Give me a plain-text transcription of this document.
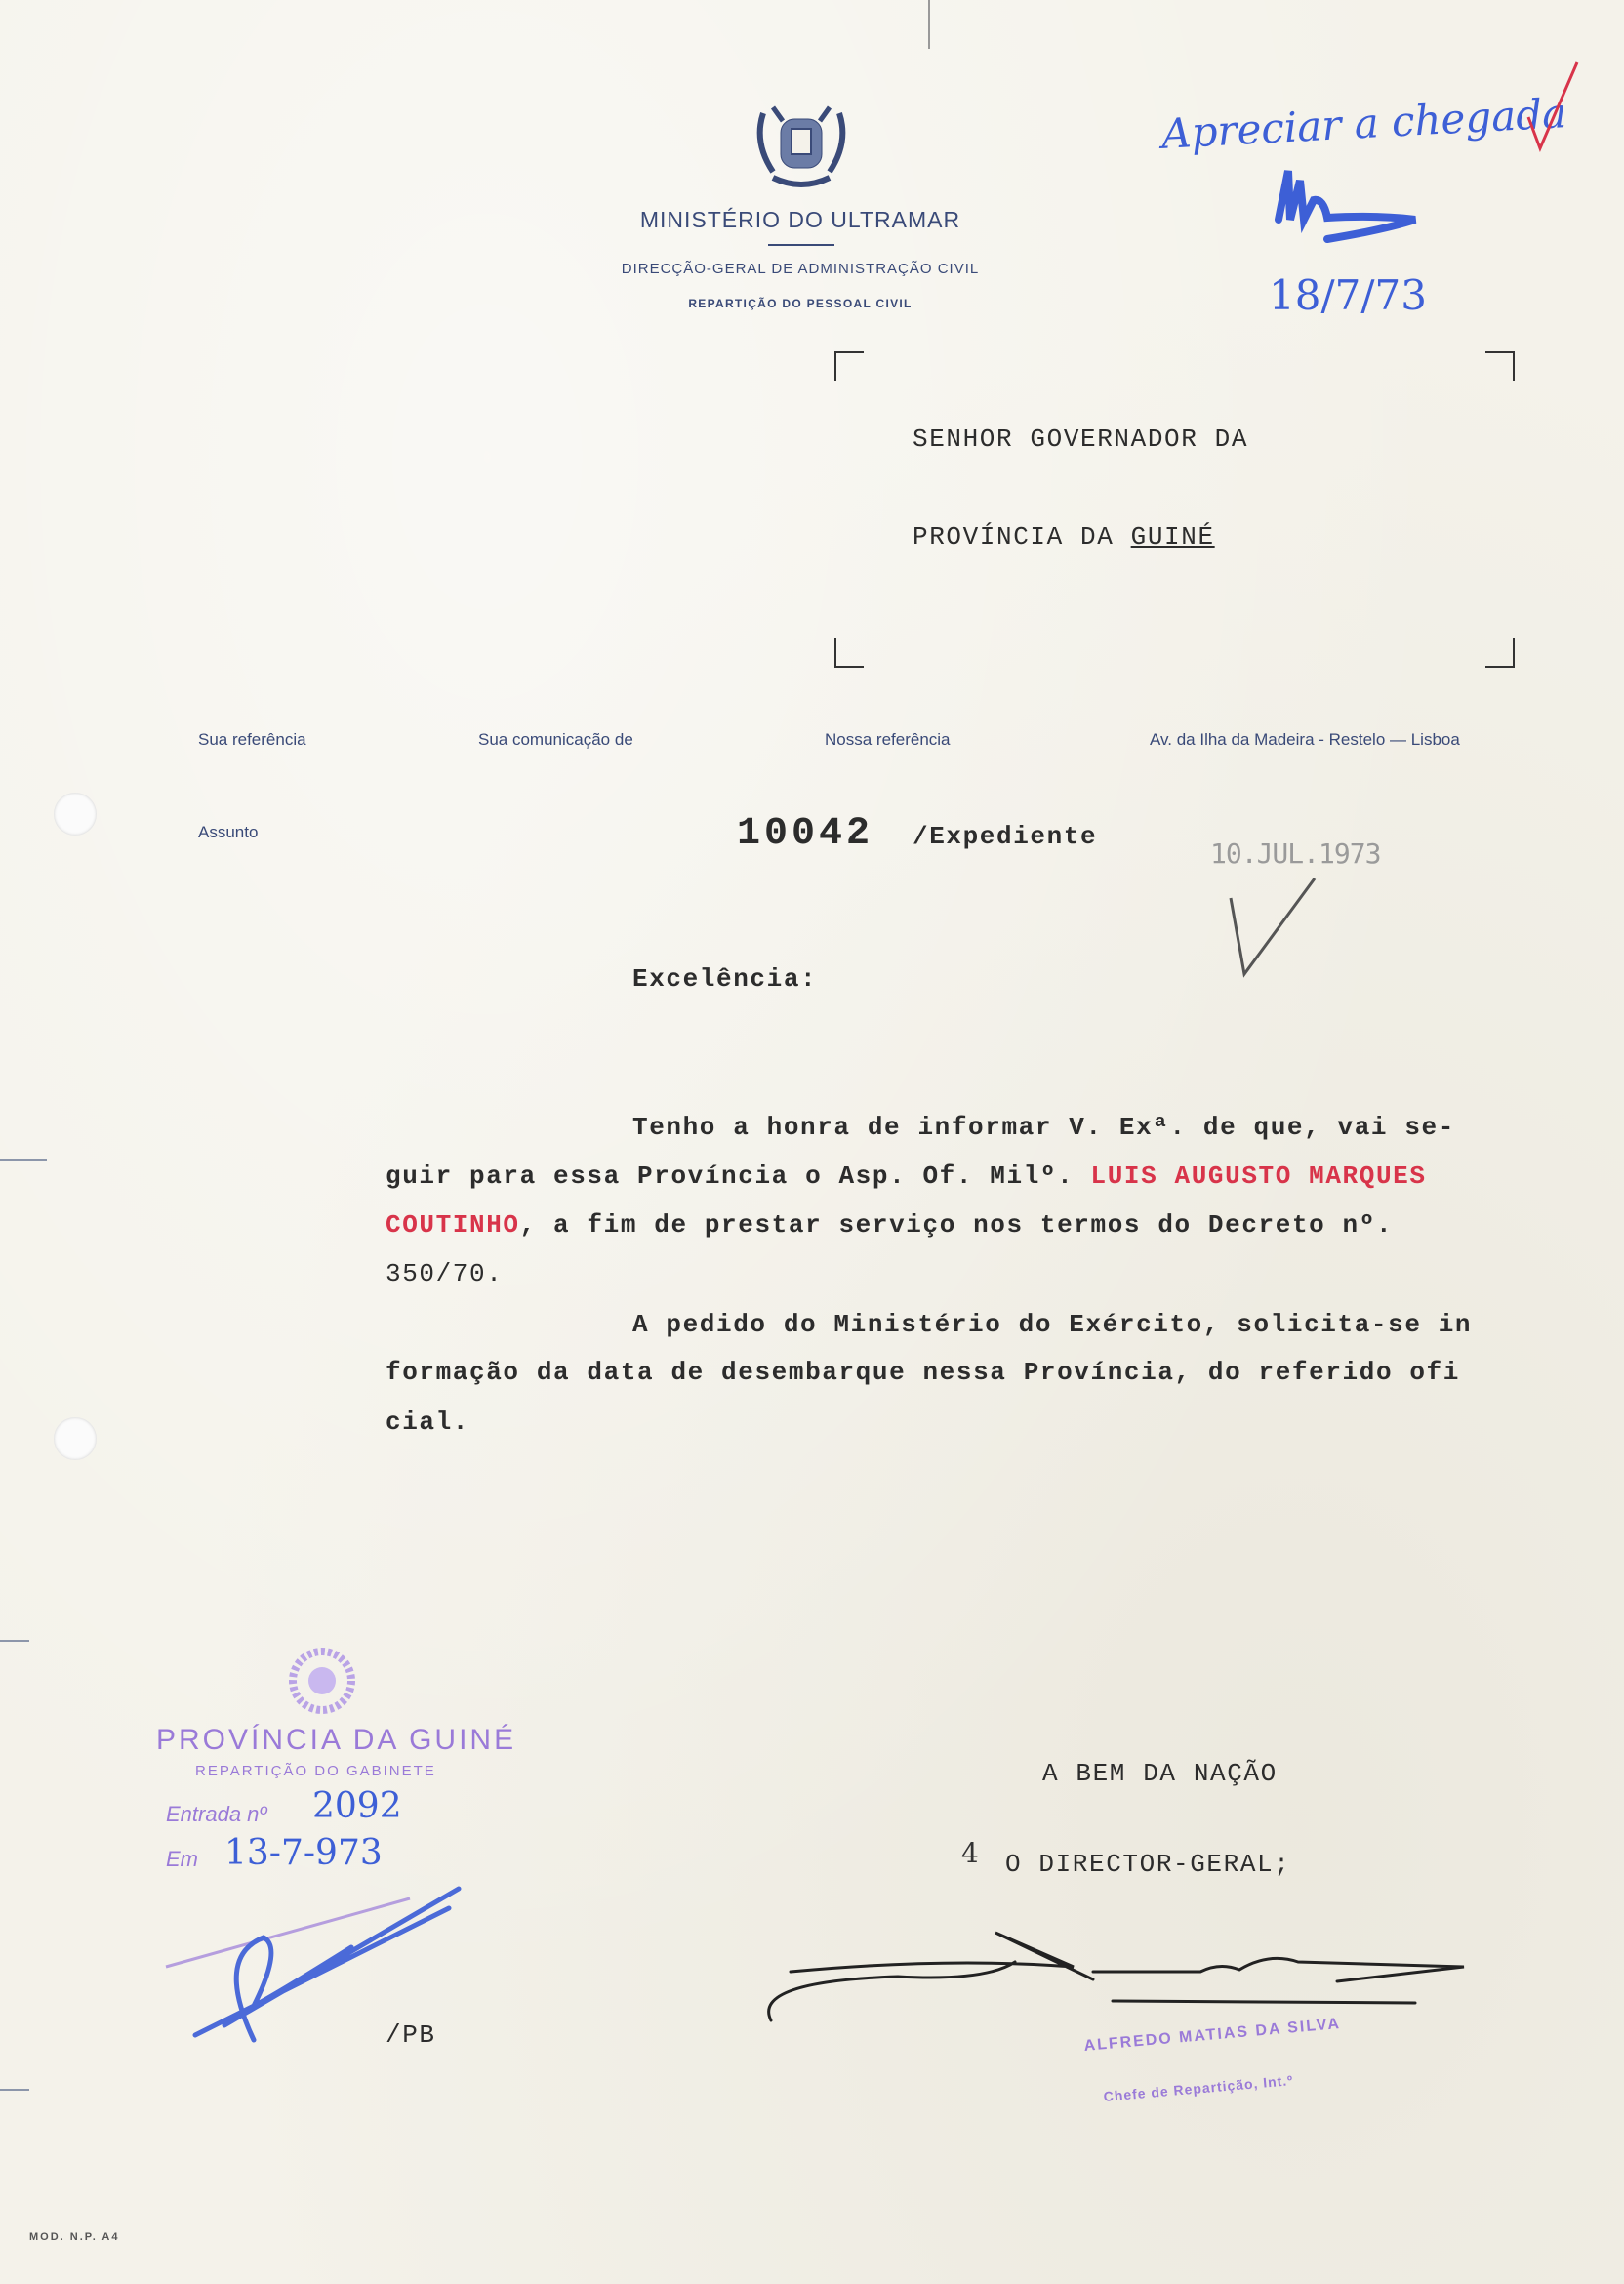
MINISTÉRIO DO ULTRAMAR
DIRECÇÃO-GERAL DE ADMINISTRAÇÃO CIVIL
REPARTIÇÃO DO PESSOAL CIVIL
Apreciar a chegada
18/7/73
SENHOR GOVERNADOR DA
PROVÍNCIA DA GUINÉ
Sua referência	Sua comunicação de	Nossa referência	Av. da Ilha da Madeira - Restelo — Lisboa
Assunto	10042 /Expediente
10.JUL.1973
Excelência:
Tenho a honra de informar V. Exª. de que, vai se-
guir para essa Província o Asp. Of. Milº. LUIS AUGUSTO MARQUES
COUTINHO, a fim de prestar serviço nos termos do Decreto nº.
350/70.
A pedido do Ministério do Exército, solicita-se in
formação da data de desembarque nessa Província, do referido ofi
cial.
PROVÍNCIA DA GUINÉ
REPARTIÇÃO DO GABINETE
Entrada nº 2092
Em 13-7-973
A BEM DA NAÇÃO
4 O DIRECTOR-GERAL;
ALFREDO MATIAS DA SILVA
Chefe de Repartição, Int.º
/PB
MOD. N.P. A4
